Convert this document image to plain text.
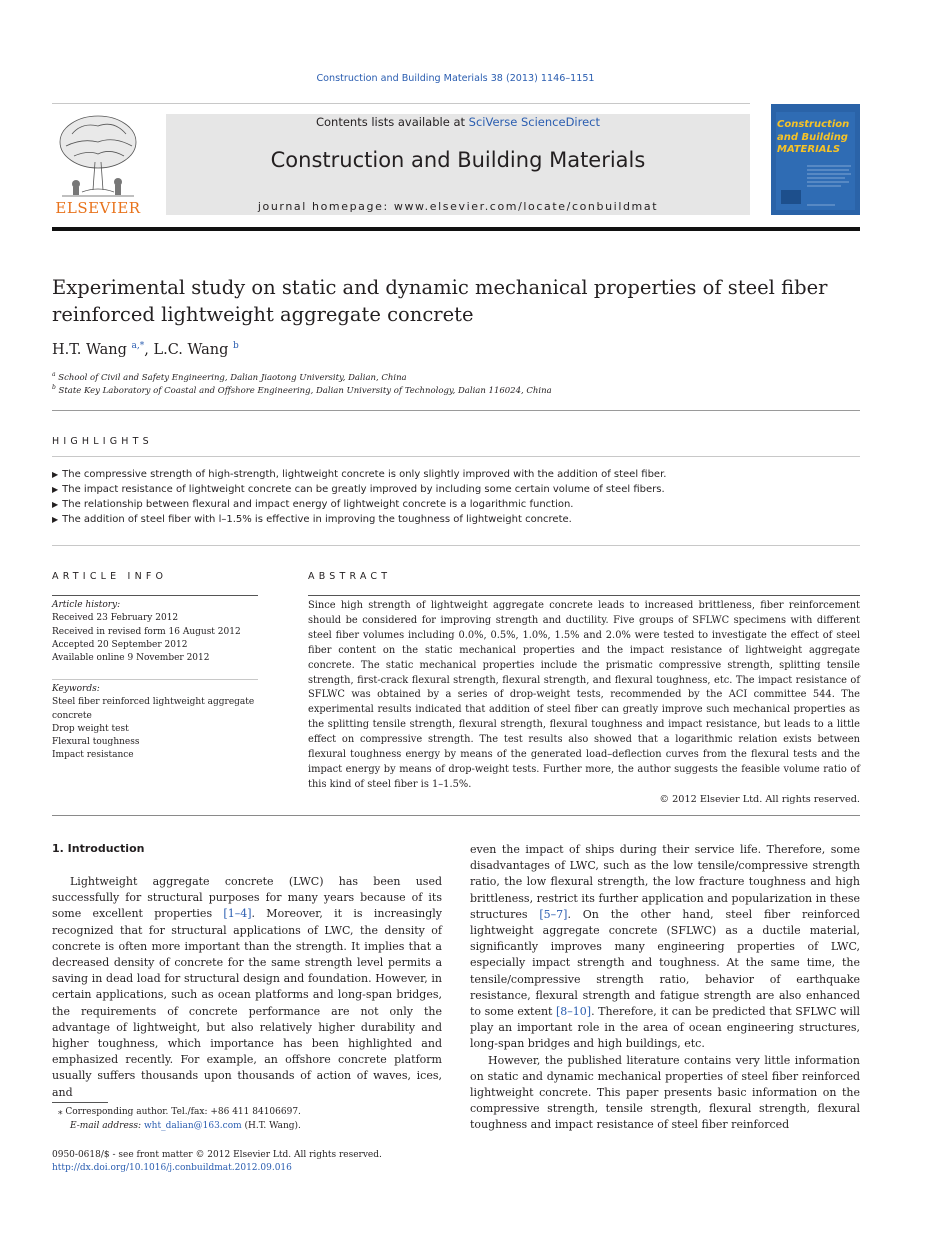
Construction and Building Materials 38 (2013) 1146–1151
ELSEVIER
Contents lists available at SciVerse ScienceDirect
Construction and Building Materials
journal homepage: www.elsevier.com/locate/conbuildmat
Construction and Building MATERIALS
Experimental study on static and dynamic mechanical properties of steel fiber reinforced lightweight aggregate concrete
H.T. Wang $^{a,*}$, L.C. Wang $^b$
$^a$ School of Civil and Safety Engineering, Dalian Jiaotong University, Dalian, China
$^b$ State Key Laboratory of Coastal and Offshore Engineering, Dalian University of Technology, Dalian 116024, China
HIGHLIGHTS
▶ The compressive strength of high-strength, lightweight concrete is only slightly improved with the addition of steel fiber.
▶ The impact resistance of lightweight concrete can be greatly improved by including some certain volume of steel fibers.
▶ The relationship between flexural and impact energy of lightweight concrete is a logarithmic function.
▶ The addition of steel fiber with l–1.5% is effective in improving the toughness of lightweight concrete.
ARTICLE INFO
Article history:
Received 23 February 2012
Received in revised form 16 August 2012
Accepted 20 September 2012
Available online 9 November 2012
Keywords:
Steel fiber reinforced lightweight aggregate
concrete
Drop weight test
Flexural toughness
Impact resistance
ABSTRACT
Since high strength of lightweight aggregate concrete leads to increased brittleness, fiber reinforcement should be considered for improving strength and ductility. Five groups of SFLWC specimens with different steel fiber volumes including 0.0%, 0.5%, 1.0%, 1.5% and 2.0% were tested to investigate the effect of steel fiber content on the static mechanical properties and the impact resistance of lightweight aggregate concrete. The static mechanical properties include the prismatic compressive strength, splitting tensile strength, first-crack flexural strength, flexural strength, and flexural toughness, etc. The impact resistance of SFLWC was obtained by a series of drop-weight tests, recommended by the ACI committee 544. The experimental results indicated that addition of steel fiber can greatly improve such mechanical properties as the splitting tensile strength, flexural strength, flexural toughness and impact resistance, but leads to a little effect on compressive strength. The test results also showed that a logarithmic relation exists between flexural toughness energy by means of the generated load–deflection curves from the flexural tests and the impact energy by means of drop-weight tests. Further more, the author suggests the feasible volume ratio of this kind of steel fiber is 1–1.5%.
© 2012 Elsevier Ltd. All rights reserved.
1. Introduction

Lightweight aggregate concrete (LWC) has been used successfully for structural purposes for many years because of its some excellent properties [1–4]. Moreover, it is increasingly recognized that for structural applications of LWC, the density of concrete is often more important than the strength. It implies that a decreased density of concrete for the same strength level permits a saving in dead load for structural design and foundation. However, in certain applications, such as ocean platforms and long-span bridges, the requirements of concrete performance are not only the advantage of lightweight, but also relatively higher durability and higher toughness, which importance has been highlighted and emphasized recently. For example, an offshore concrete platform usually suffers thousands upon thousands of action of waves, ices, and

even the impact of ships during their service life. Therefore, some disadvantages of LWC, such as the low tensile/compressive strength ratio, the low flexural strength, the low fracture toughness and high brittleness, restrict its further application and popularization in these structures [5–7]. On the other hand, steel fiber reinforced lightweight aggregate concrete (SFLWC) as a ductile material, significantly improves many engineering properties of LWC, especially impact strength and toughness. At the same time, the tensile/compressive strength ratio, behavior of earthquake resistance, flexural strength and fatigue strength are also enhanced to some extent [8–10]. Therefore, it can be predicted that SFLWC will play an important role in the area of ocean engineering structures, long-span bridges and high buildings, etc.

However, the published literature contains very little information on static and dynamic mechanical properties of steel fiber reinforced lightweight concrete. This paper presents basic information on the compressive strength, tensile strength, flexural strength, flexural toughness and impact resistance of steel fiber reinforced

⁎ Corresponding author. Tel./fax: +86 411 84106697.
E-mail address: wht_dalian@163.com (H.T. Wang).
0950-0618/$ - see front matter © 2012 Elsevier Ltd. All rights reserved.
http://dx.doi.org/10.1016/j.conbuildmat.2012.09.016
